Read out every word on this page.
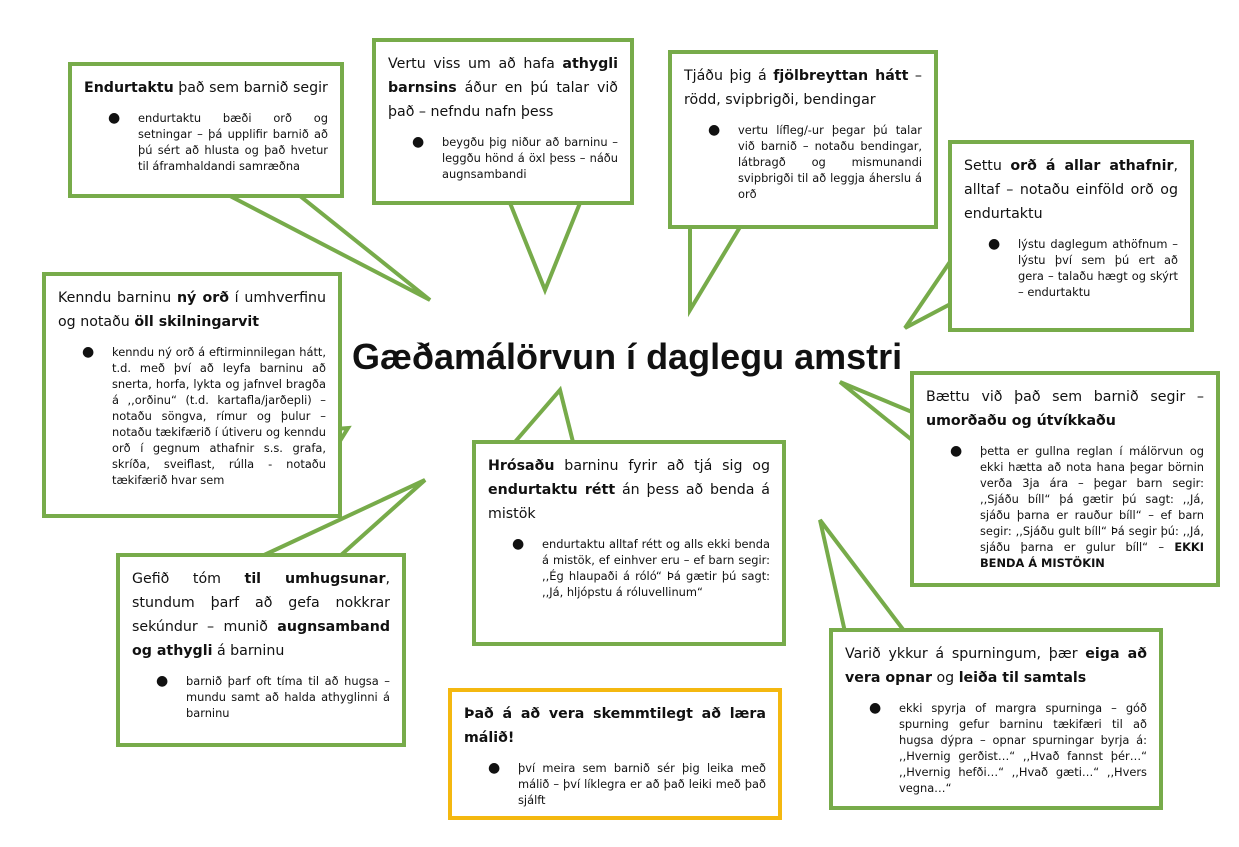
Gæðamálörvun í daglegu amstri
Endurtaktu það sem barnið segir
●	endurtaktu bæði orð og setningar – þá upplifir barnið að þú sért að hlusta og það hvetur til áframhaldandi samræðna
Vertu viss um að hafa athygli barnsins áður en þú talar við það – nefndu nafn þess
●	beygðu þig niður að barninu – leggðu hönd á öxl þess – náðu augnsambandi
Tjáðu þig á fjölbreyttan hátt – rödd, svipbrigði, bendingar
●	vertu lífleg/-ur þegar þú talar við barnið – notaðu bendingar, látbragð og mismunandi svipbrigði til að leggja áherslu á orð
Settu orð á allar athafnir, alltaf – notaðu einföld orð og endurtaktu
●	lýstu daglegum athöfnum – lýstu því sem þú ert að gera – talaðu hægt og skýrt – endurtaktu
Kenndu barninu ný orð í umhverfinu og notaðu öll skilningarvit
●	kenndu ný orð á eftirminnilegan hátt, t.d. með því að leyfa barninu að snerta, horfa, lykta og jafnvel bragða á ,,orðinu“ (t.d. kartafla/jarðepli) – notaðu söngva, rímur og þulur – notaðu tækifærið í útiveru og kenndu orð í gegnum athafnir s.s. grafa, skríða, sveiflast, rúlla - notaðu tækifærið hvar sem
Bættu við það sem barnið segir – umorðaðu og útvíkkaðu
●	þetta er gullna reglan í málörvun og ekki hætta að nota hana þegar börnin verða 3ja ára – þegar barn segir: ,,Sjáðu bíll“ þá gætir þú sagt: ,,Já, sjáðu þarna er rauður bíll“ – ef barn segir: ,,Sjáðu gult bíll“ Þá segir þú: ,,Já, sjáðu þarna er gulur bíll“ – EKKI BENDA Á MISTÖKIN
Hrósaðu barninu fyrir að tjá sig og endurtaktu rétt án þess að benda á mistök
●	endurtaktu alltaf rétt og alls ekki benda á mistök, ef einhver eru – ef barn segir: ,,Ég hlaupaði á róló“ Þá gætir þú sagt: ,,Já, hljópstu á róluvellinum“
Gefið tóm til umhugsunar, stundum þarf að gefa nokkrar sekúndur – munið augnsamband og athygli á barninu
●	barnið þarf oft tíma til að hugsa – mundu samt að halda athyglinni á barninu
Varið ykkur á spurningum, þær eiga að vera opnar og leiða til samtals
●	ekki spyrja of margra spurninga – góð spurning gefur barninu tækifæri til að hugsa dýpra – opnar spurningar byrja á: ,,Hvernig gerðist…“ ,,Hvað fannst þér…“ ,,Hvernig hefði…“ ,,Hvað gæti…“ ,,Hvers vegna…“
Það á að vera skemmtilegt að læra málið!
●	því meira sem barnið sér þig leika með málið – því líklegra er að það leiki með það sjálft
